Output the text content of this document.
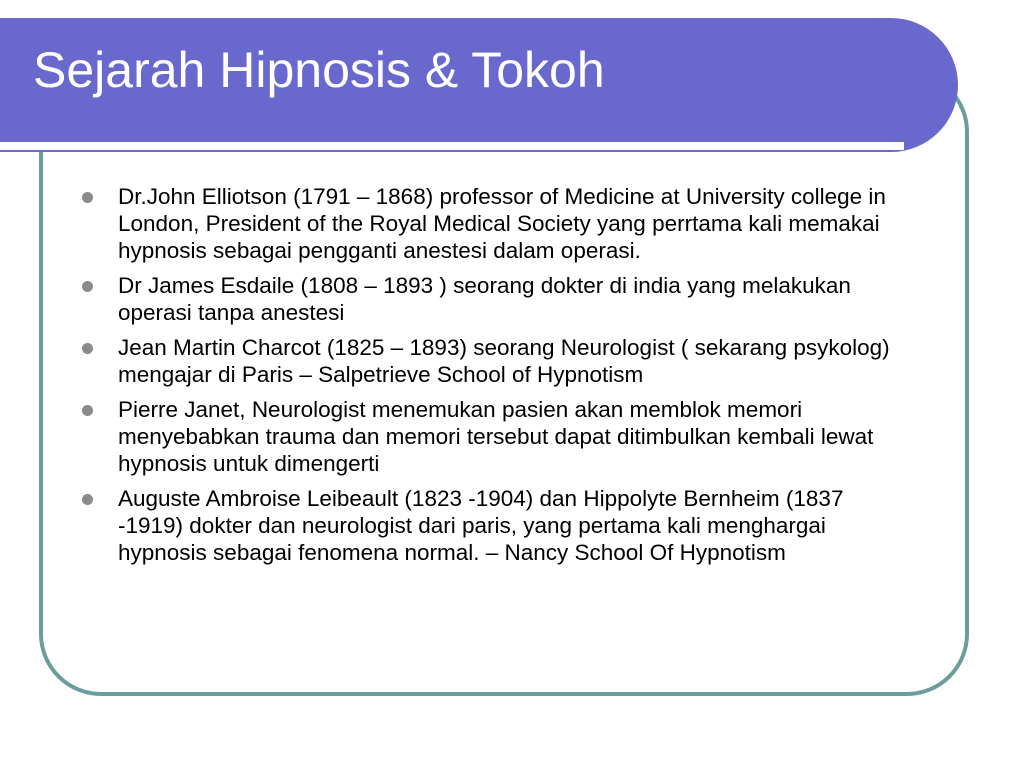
Sejarah Hipnosis & Tokoh
Dr.John Elliotson (1791 – 1868) professor of Medicine at University college in London, President of the Royal Medical Society yang perrtama kali memakai hypnosis sebagai pengganti anestesi dalam operasi.
Dr James Esdaile (1808 – 1893 ) seorang dokter di india yang melakukan operasi tanpa anestesi
Jean Martin Charcot (1825 – 1893) seorang Neurologist ( sekarang psykolog) mengajar di Paris – Salpetrieve School of Hypnotism
Pierre Janet, Neurologist menemukan pasien akan memblok memori menyebabkan trauma dan memori tersebut dapat ditimbulkan kembali lewat hypnosis untuk dimengerti
Auguste Ambroise Leibeault (1823 -1904) dan Hippolyte Bernheim (1837 -1919) dokter dan neurologist dari paris, yang pertama kali menghargai hypnosis sebagai fenomena normal. – Nancy School Of Hypnotism
